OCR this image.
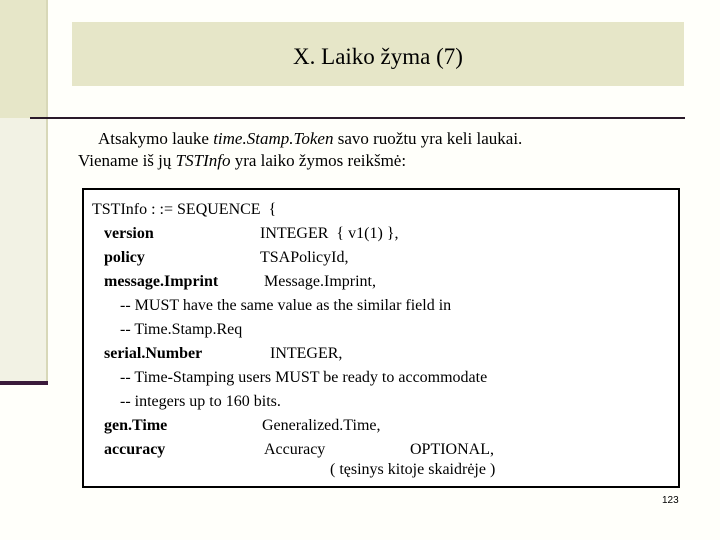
X. Laiko žyma (7)
Atsakymo lauke time.Stamp.Token savo ruožtu yra keli laukai.
Viename iš jų TSTInfo yra laiko žymos reikšmė:
TSTInfo : := SEQUENCE  {
version	INTEGER  { v1(1) },
policy	TSAPolicyId,
message.Imprint	Message.Imprint,
-- MUST have the same value as the similar field in
-- Time.Stamp.Req
serial.Number	INTEGER,
-- Time-Stamping users MUST be ready to accommodate
-- integers up to 160 bits.
gen.Time	Generalized.Time,
accuracy	Accuracy	OPTIONAL,
( tęsinys kitoje skaidrėje )
123
